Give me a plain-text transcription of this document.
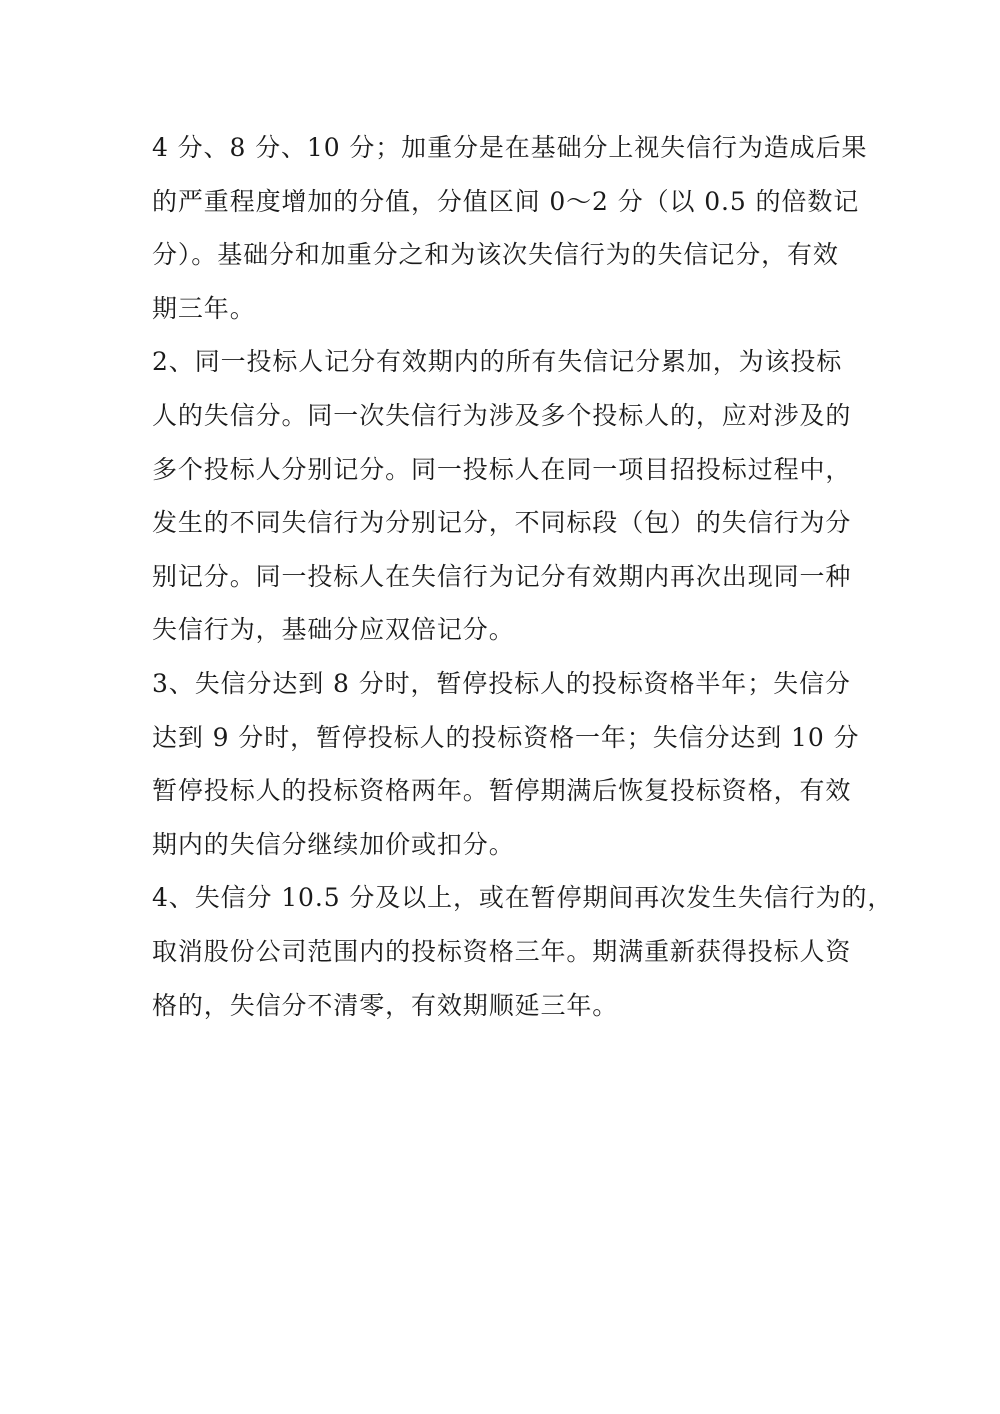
4 分、8 分、10 分；加重分是在基础分上视失信行为造成后果
的严重程度增加的分值，分值区间 0～2 分（以 0.5 的倍数记
分）。基础分和加重分之和为该次失信行为的失信记分，有效
期三年。
2、同一投标人记分有效期内的所有失信记分累加，为该投标
人的失信分。同一次失信行为涉及多个投标人的，应对涉及的
多个投标人分别记分。同一投标人在同一项目招投标过程中，
发生的不同失信行为分别记分，不同标段（包）的失信行为分
别记分。同一投标人在失信行为记分有效期内再次出现同一种
失信行为，基础分应双倍记分。
3、失信分达到 8 分时，暂停投标人的投标资格半年；失信分
达到 9 分时，暂停投标人的投标资格一年；失信分达到 10 分
暂停投标人的投标资格两年。暂停期满后恢复投标资格，有效
期内的失信分继续加价或扣分。
4、失信分 10.5 分及以上，或在暂停期间再次发生失信行为的，
取消股份公司范围内的投标资格三年。期满重新获得投标人资
格的，失信分不清零，有效期顺延三年。
